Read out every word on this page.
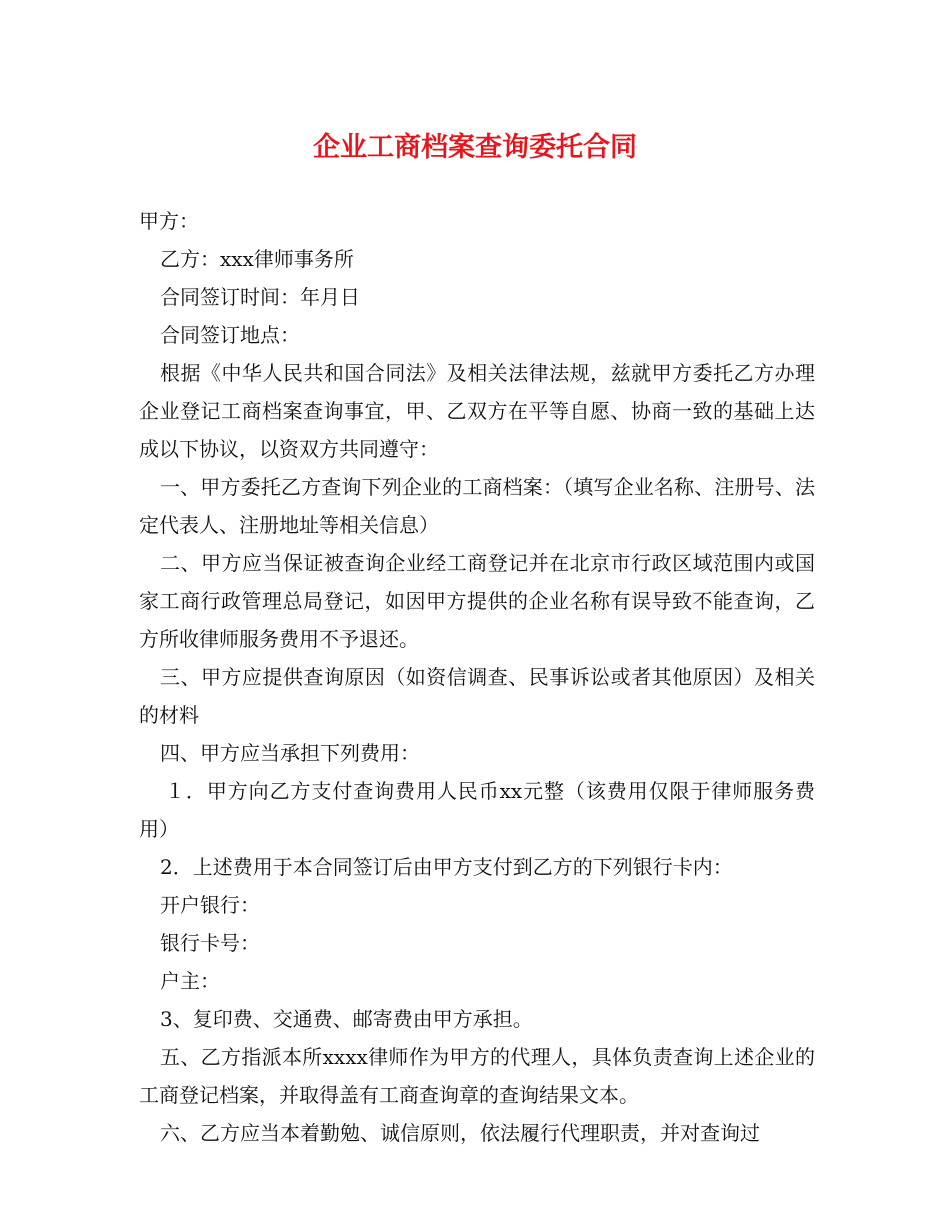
企业工商档案查询委托合同

甲方：

乙方：xxx律师事务所

合同签订时间：年月日

合同签订地点：

根据《中华人民共和国合同法》及相关法律法规，兹就甲方委托乙方办理企业登记工商档案查询事宜，甲、乙双方在平等自愿、协商一致的基础上达成以下协议，以资双方共同遵守：

一、甲方委托乙方查询下列企业的工商档案：（填写企业名称、注册号、法定代表人、注册地址等相关信息）

二、甲方应当保证被查询企业经工商登记并在北京市行政区域范围内或国家工商行政管理总局登记，如因甲方提供的企业名称有误导致不能查询，乙方所收律师服务费用不予退还。

三、甲方应提供查询原因（如资信调查、民事诉讼或者其他原因）及相关的材料

四、甲方应当承担下列费用：

１．甲方向乙方支付查询费用人民币xx元整（该费用仅限于律师服务费用）

2．上述费用于本合同签订后由甲方支付到乙方的下列银行卡内：

开户银行：

银行卡号：

户主：

3、复印费、交通费、邮寄费由甲方承担。

五、乙方指派本所xxxx律师作为甲方的代理人，具体负责查询上述企业的工商登记档案，并取得盖有工商查询章的查询结果文本。

六、乙方应当本着勤勉、诚信原则，依法履行代理职责，并对查询过
